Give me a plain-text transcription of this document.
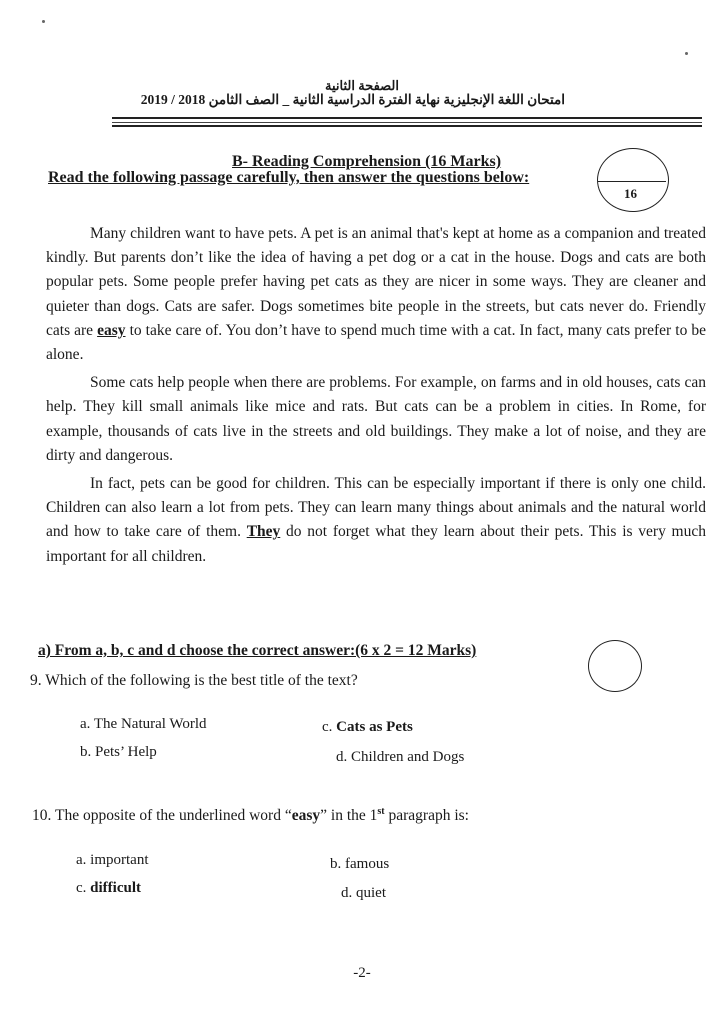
الصفحة الثانية
امتحان اللغة الإنجليزية نهاية الفترة الدراسية الثانية _ الصف الثامن 2018 / 2019
B- Reading Comprehension (16 Marks)
16
Read the following passage carefully, then answer the questions below:

Many children want to have pets. A pet is an animal that's kept at home as a companion and treated kindly. But parents don’t like the idea of having a pet dog or a cat in the house. Dogs and cats are both popular pets. Some people prefer having pet cats as they are nicer in some ways. They are cleaner and quieter than dogs. Cats are safer. Dogs sometimes bite people in the streets, but cats never do. Friendly cats are easy to take care of. You don’t have to spend much time with a cat. In fact, many cats prefer to be alone.

Some cats help people when there are problems. For example, on farms and in old houses, cats can help. They kill small animals like mice and rats. But cats can be a problem in cities. In Rome, for example, thousands of cats live in the streets and old buildings. They make a lot of noise, and they are dirty and dangerous.

In fact, pets can be good for children. This can be especially important if there is only one child. Children can also learn a lot from pets. They can learn many things about animals and the natural world and how to take care of them. They do not forget what they learn about their pets. This is very much important for all children.

a) From a, b, c and d choose the correct answer:(6 x 2 = 12 Marks)
9. Which of the following is the best title of the text?
a. The Natural World
b. Pets’ Help
c. Cats as Pets
d. Children and Dogs
10. The opposite of the underlined word “easy” in the 1st paragraph is:
a. important
c. difficult
b. famous
d. quiet
-2-
